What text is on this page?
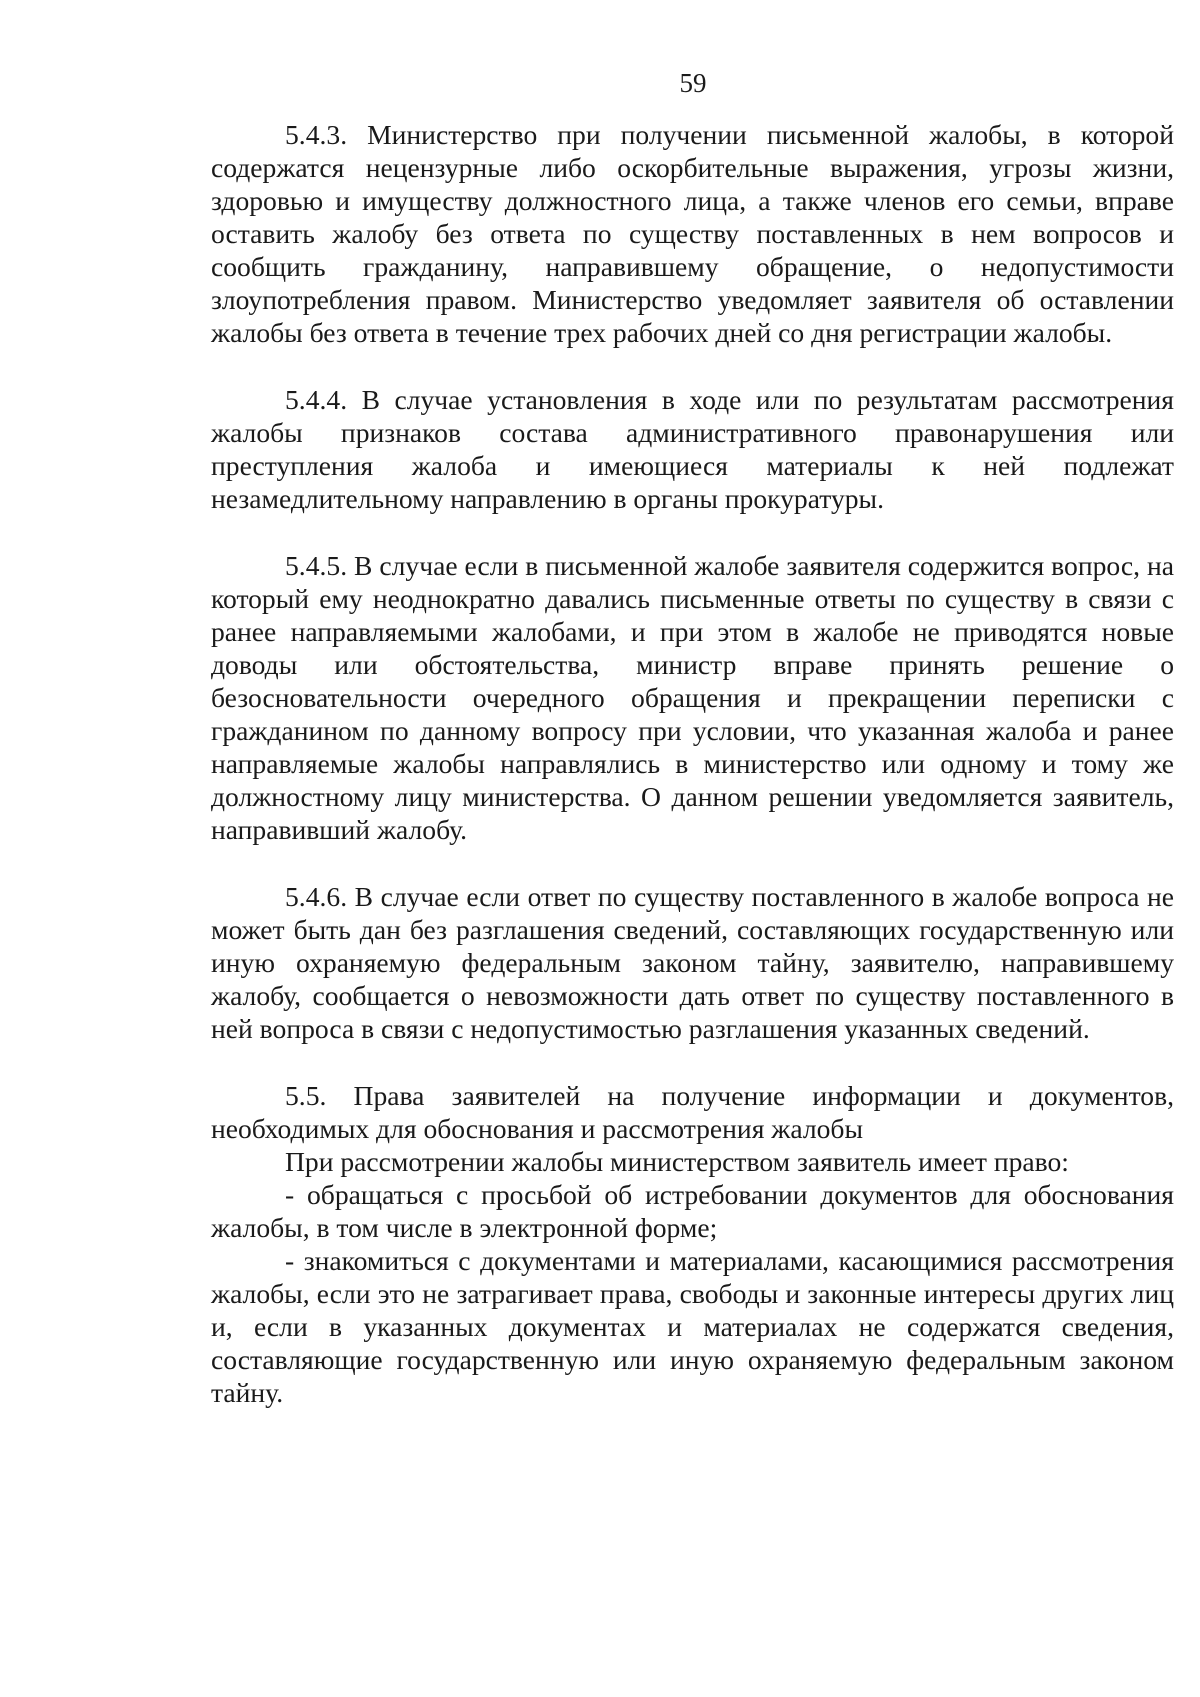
59

5.4.3. Министерство при получении письменной жалобы, в которой содержатся нецензурные либо оскорбительные выражения, угрозы жизни, здоровью и имуществу должностного лица, а также членов его семьи, вправе оставить жалобу без ответа по существу поставленных в нем вопросов и сообщить гражданину, направившему обращение, о недопустимости злоупотребления правом. Министерство уведомляет заявителя об оставлении жалобы без ответа в течение трех рабочих дней со дня регистрации жалобы.

5.4.4. В случае установления в ходе или по результатам рассмотрения жалобы признаков состава административного правонарушения или преступления жалоба и имеющиеся материалы к ней подлежат незамедлительному направлению в органы прокуратуры.

5.4.5. В случае если в письменной жалобе заявителя содержится вопрос, на который ему неоднократно давались письменные ответы по существу в связи с ранее направляемыми жалобами, и при этом в жалобе не приводятся новые доводы или обстоятельства, министр вправе принять решение о безосновательности очередного обращения и прекращении переписки с гражданином по данному вопросу при условии, что указанная жалоба и ранее направляемые жалобы направлялись в министерство или одному и тому же должностному лицу министерства. О данном решении уведомляется заявитель, направивший жалобу.

5.4.6. В случае если ответ по существу поставленного в жалобе вопроса не может быть дан без разглашения сведений, составляющих государственную или иную охраняемую федеральным законом тайну, заявителю, направившему жалобу, сообщается о невозможности дать ответ по существу поставленного в ней вопроса в связи с недопустимостью разглашения указанных сведений.

5.5. Права заявителей на получение информации и документов, необходимых для обоснования и рассмотрения жалобы

При рассмотрении жалобы министерством заявитель имеет право:

- обращаться с просьбой об истребовании документов для обоснования жалобы, в том числе в электронной форме;

- знакомиться с документами и материалами, касающимися рассмотрения жалобы, если это не затрагивает права, свободы и законные интересы других лиц и, если в указанных документах и материалах не содержатся сведения, составляющие государственную или иную охраняемую федеральным законом тайну.
